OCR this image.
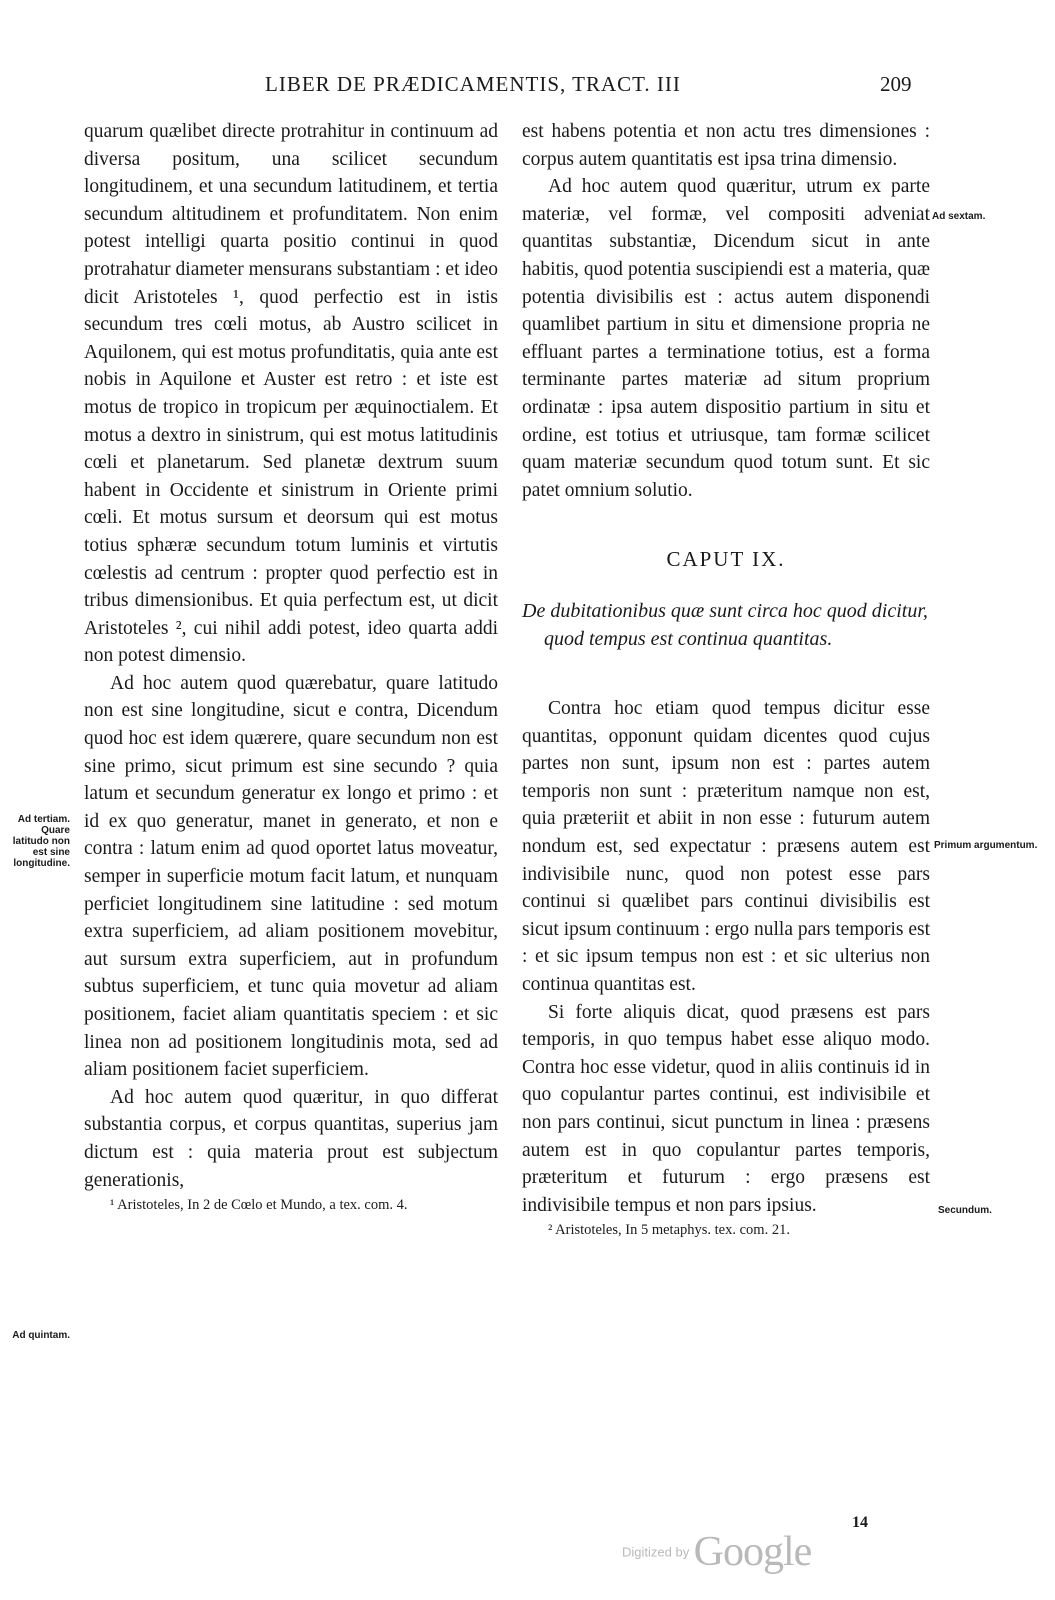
LIBER DE PRÆDICAMENTIS, TRACT. III	209

quarum quælibet directe protrahitur in continuum ad diversa positum, una scilicet secundum longitudinem, et una secundum latitudinem, et tertia secundum altitudinem et profunditatem. Non enim potest intelligi quarta positio continui in quod protrahatur diameter mensurans substantiam : et ideo dicit Aristoteles ¹, quod perfectio est in istis secundum tres cœli motus, ab Austro scilicet in Aquilonem, qui est motus profunditatis, quia ante est nobis in Aquilone et Auster est retro : et iste est motus de tropico in tropicum per æquinoctialem. Et motus a dextro in sinistrum, qui est motus latitudinis cœli et planetarum. Sed planetæ dextrum suum habent in Occidente et sinistrum in Oriente primi cœli. Et motus sursum et deorsum qui est motus totius sphæræ secundum totum luminis et virtutis cœlestis ad centrum : propter quod perfectio est in tribus dimensionibus. Et quia perfectum est, ut dicit Aristoteles ², cui nihil addi potest, ideo quarta addi non potest dimensio.

Ad hoc autem quod quærebatur, quare latitudo non est sine longitudine, sicut e contra, Dicendum quod hoc est idem quærere, quare secundum non est sine primo, sicut primum est sine secundo ? quia latum et secundum generatur ex longo et primo : et id ex quo generatur, manet in generato, et non e contra : latum enim ad quod oportet latus moveatur, semper in superficie motum facit latum, et nunquam perficiet longitudinem sine latitudine : sed motum extra superficiem, ad aliam positionem movebitur, aut sursum extra superficiem, aut in profundum subtus superficiem, et tunc quia movetur ad aliam positionem, faciet aliam quantitatis speciem : et sic linea non ad positionem longitudinis mota, sed ad aliam positionem faciet superficiem.

Ad hoc autem quod quæritur, in quo differat substantia corpus, et corpus quantitas, superius jam dictum est : quia materia prout est subjectum generationis,

¹ Aristoteles, In 2 de Cœlo et Mundo, a tex. com. 4.

est habens potentia et non actu tres dimensiones : corpus autem quantitatis est ipsa trina dimensio.

Ad hoc autem quod quæritur, utrum ex parte materiæ, vel formæ, vel compositi adveniat quantitas substantiæ, Dicendum sicut in ante habitis, quod potentia suscipiendi est a materia, quæ potentia divisibilis est : actus autem disponendi quamlibet partium in situ et dimensione propria ne effluant partes a terminatione totius, est a forma terminante partes materiæ ad situm proprium ordinatæ : ipsa autem dispositio partium in situ et ordine, est totius et utriusque, tam formæ scilicet quam materiæ secundum quod totum sunt. Et sic patet omnium solutio.

CAPUT IX.
De dubitationibus quæ sunt circa hoc quod dicitur, quod tempus est continua quantitas.

Contra hoc etiam quod tempus dicitur esse quantitas, opponunt quidam dicentes quod cujus partes non sunt, ipsum non est : partes autem temporis non sunt : præteritum namque non est, quia præteriit et abiit in non esse : futurum autem nondum est, sed expectatur : præsens autem est indivisibile nunc, quod non potest esse pars continui si quælibet pars continui divisibilis est sicut ipsum continuum : ergo nulla pars temporis est : et sic ipsum tempus non est : et sic ulterius non continua quantitas est.

Si forte aliquis dicat, quod præsens est pars temporis, in quo tempus habet esse aliquo modo. Contra hoc esse videtur, quod in aliis continuis id in quo copulantur partes continui, est indivisibile et non pars continui, sicut punctum in linea : præsens autem est in quo copulantur partes temporis, præteritum et futurum : ergo præsens est indivisibile tempus et non pars ipsius.

² Aristoteles, In 5 metaphys. tex. com. 21.

Ad tertiam. Quare latitudo non est sine longitudine.
Ad quintam.
Ad sextam.
Primum argumentum.
Secundum.
Digitized by Google
14
